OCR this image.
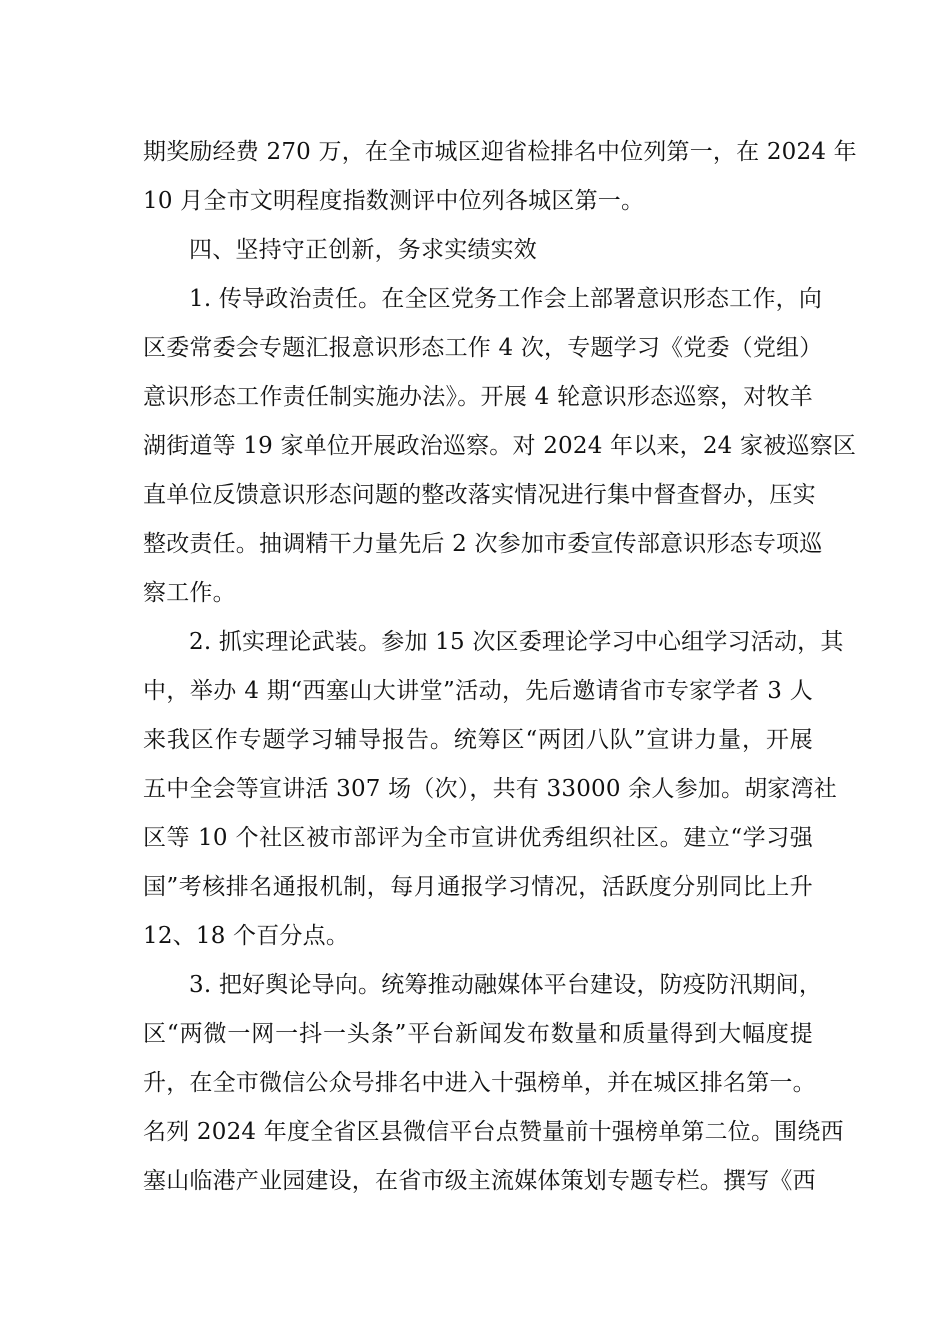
期奖励经费 270 万，在全市城区迎省检排名中位列第一，在 2024 年
10 月全市文明程度指数测评中位列各城区第一。
四、坚持守正创新，务求实绩实效
1. 传导政治责任。在全区党务工作会上部署意识形态工作，向
区委常委会专题汇报意识形态工作 4 次，专题学习《党委（党组）
意识形态工作责任制实施办法》。开展 4 轮意识形态巡察，对牧羊
湖街道等 19 家单位开展政治巡察。对 2024 年以来，24 家被巡察区
直单位反馈意识形态问题的整改落实情况进行集中督查督办，压实
整改责任。抽调精干力量先后 2 次参加市委宣传部意识形态专项巡
察工作。
2. 抓实理论武装。参加 15 次区委理论学习中心组学习活动，其
中，举办 4 期“西塞山大讲堂”活动，先后邀请省市专家学者 3 人
来我区作专题学习辅导报告。统筹区“两团八队”宣讲力量，开展
五中全会等宣讲活 307 场（次），共有 33000 余人参加。胡家湾社
区等 10 个社区被市部评为全市宣讲优秀组织社区。建立“学习强
国”考核排名通报机制，每月通报学习情况，活跃度分别同比上升
12、18 个百分点。
3. 把好舆论导向。统筹推动融媒体平台建设，防疫防汛期间，
区“两微一网一抖一头条”平台新闻发布数量和质量得到大幅度提
升，在全市微信公众号排名中进入十强榜单，并在城区排名第一。
名列 2024 年度全省区县微信平台点赞量前十强榜单第二位。围绕西
塞山临港产业园建设，在省市级主流媒体策划专题专栏。撰写《西
